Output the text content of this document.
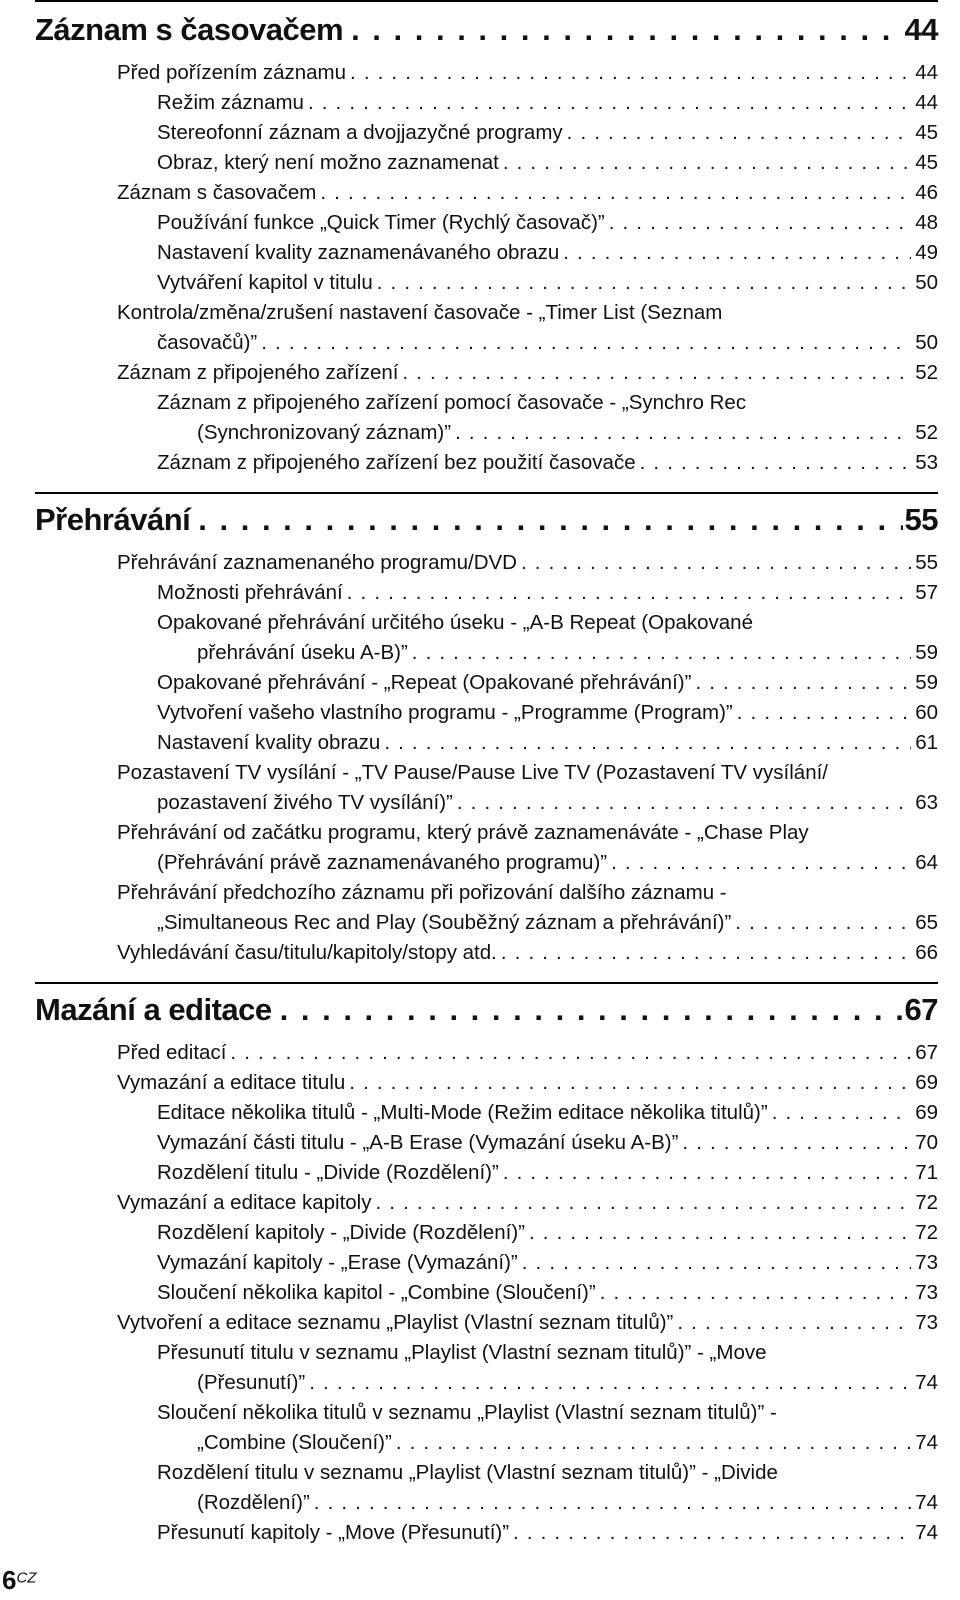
Záznam s časovačem . . .	44
Před pořízením záznamu . . .	44
Režim záznamu . . .	44
Stereofonní záznam a dvojjazyčné programy . . .	45
Obraz, který není možno zaznamenat . . .	45
Záznam s časovačem . . .	46
Používání funkce „Quick Timer (Rychlý časovač)” . . .	48
Nastavení kvality zaznamenávaného obrazu . . .	49
Vytváření kapitol v titulu . . .	50
Kontrola/změna/zrušení nastavení časovače - „Timer List (Seznam
časovačů)” . . .	50
Záznam z připojeného zařízení . . .	52
Záznam z připojeného zařízení pomocí časovače - „Synchro Rec
(Synchronizovaný záznam)” . . .	52
Záznam z připojeného zařízení bez použití časovače . . .	53
Přehrávání . . .	55
Přehrávání zaznamenaného programu/DVD . . .	55
Možnosti přehrávání . . .	57
Opakované přehrávání určitého úseku - „A-B Repeat (Opakované
přehrávání úseku A-B)” . . .	59
Opakované přehrávání - „Repeat (Opakované přehrávání)” . . .	59
Vytvoření vašeho vlastního programu - „Programme (Program)” . . .	60
Nastavení kvality obrazu . . .	61
Pozastavení TV vysílání - „TV Pause/Pause Live TV (Pozastavení TV vysílání/
pozastavení živého TV vysílání)” . . .	63
Přehrávání od začátku programu, který právě zaznamenáváte - „Chase Play
(Přehrávání právě zaznamenávaného programu)” . . .	64
Přehrávání předchozího záznamu při pořizování dalšího záznamu -
„Simultaneous Rec and Play (Souběžný záznam a přehrávání)” . . .	65
Vyhledávání času/titulu/kapitoly/stopy atd. . . .	66
Mazání a editace . . .	67
Před editací . . .	67
Vymazání a editace titulu . . .	69
Editace několika titulů - „Multi-Mode (Režim editace několika titulů)” . . .	69
Vymazání části titulu - „A-B Erase (Vymazání úseku A-B)” . . .	70
Rozdělení titulu - „Divide (Rozdělení)” . . .	71
Vymazání a editace kapitoly . . .	72
Rozdělení kapitoly - „Divide (Rozdělení)” . . .	72
Vymazání kapitoly - „Erase (Vymazání)” . . .	73
Sloučení několika kapitol - „Combine (Sloučení)” . . .	73
Vytvoření a editace seznamu „Playlist (Vlastní seznam titulů)” . . .	73
Přesunutí titulu v seznamu „Playlist (Vlastní seznam titulů)” - „Move
(Přesunutí)” . . .	74
Sloučení několika titulů v seznamu „Playlist (Vlastní seznam titulů)” -
„Combine (Sloučení)” . . .	74
Rozdělení titulu v seznamu „Playlist (Vlastní seznam titulů)” - „Divide
(Rozdělení)” . . .	74
Přesunutí kapitoly - „Move (Přesunutí)” . . .	74
6CZ
